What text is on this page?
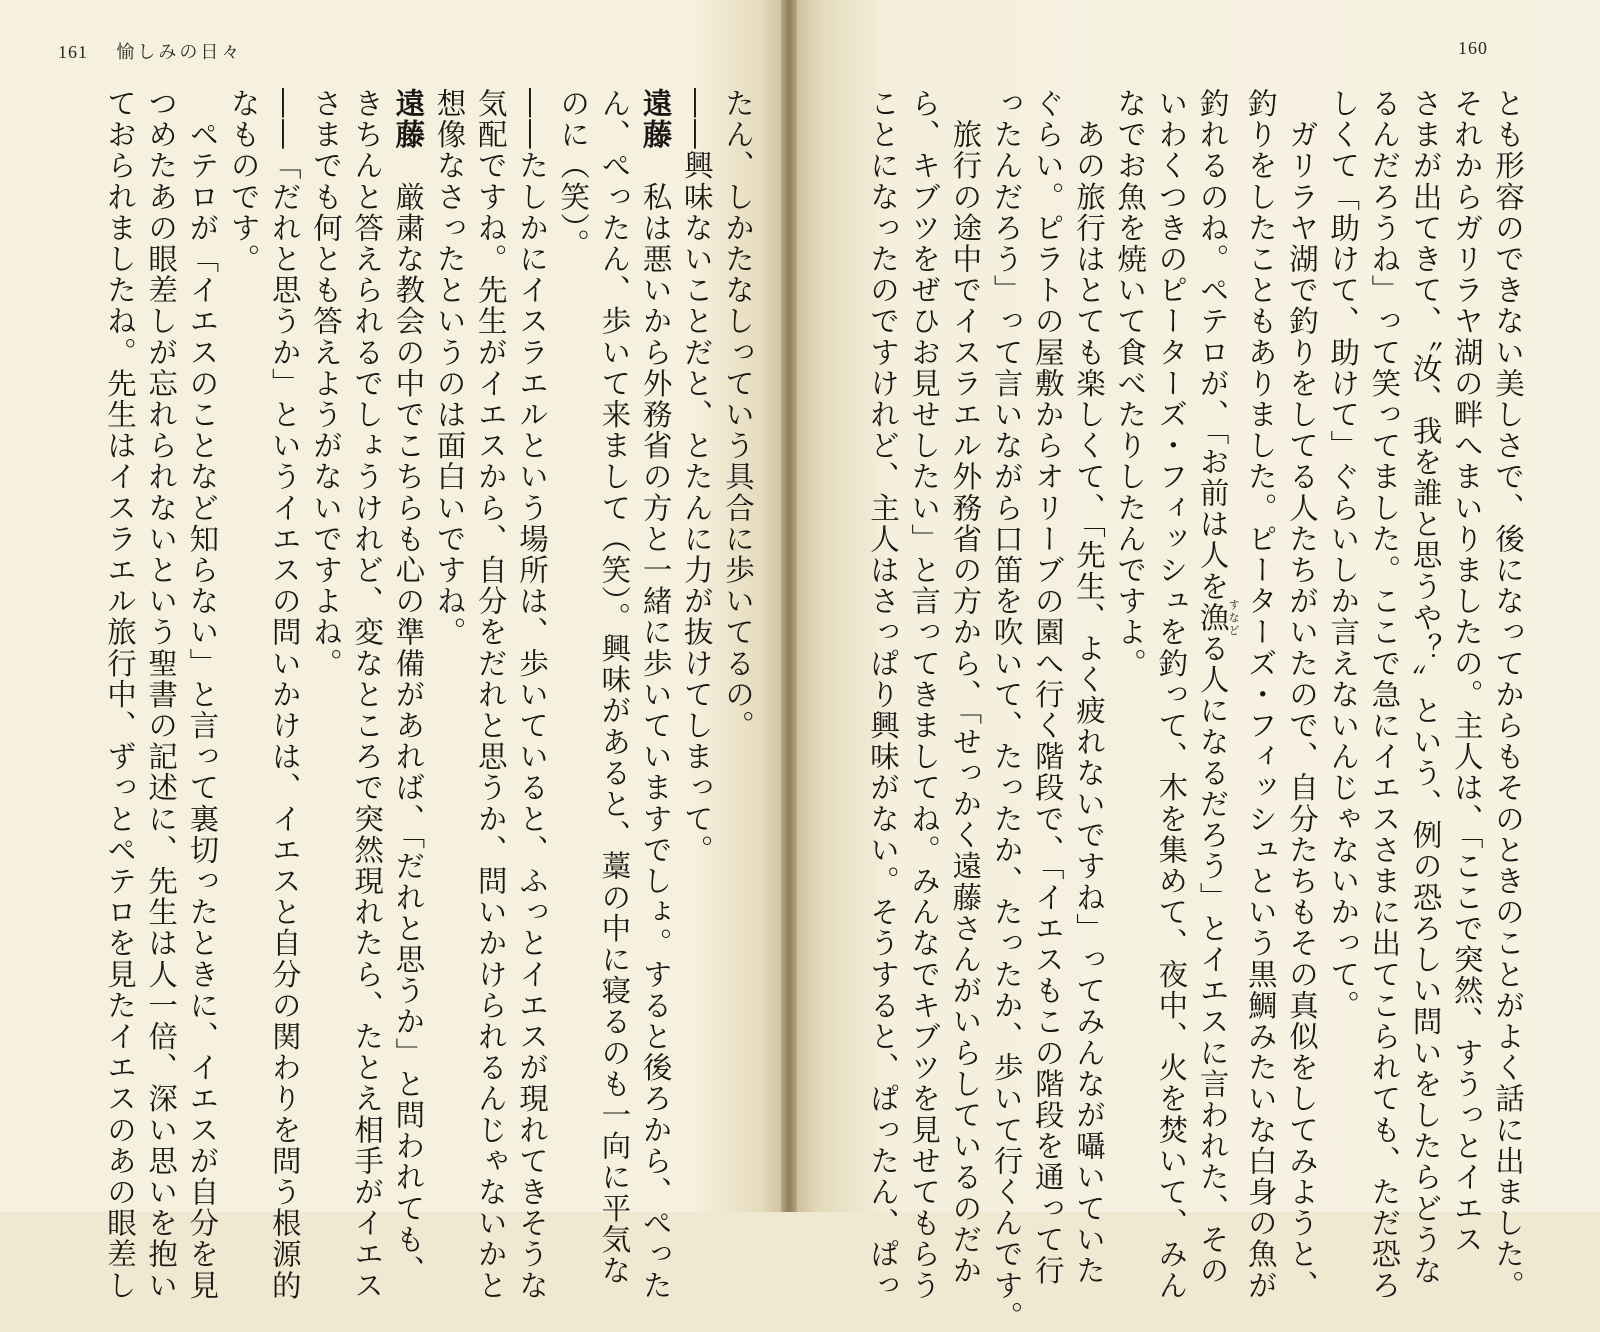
161 愉しみの日々	160
とも形容のできない美しさで、後になってからもそのときのことがよく話に出ました。
それからガリラヤ湖の畔へまいりましたの。主人は、「ここで突然、すうっとイエス
さまが出てきて、〝汝、我を誰と思うや？〟という、例の恐ろしい問いをしたらどうな
るんだろうね」って笑ってました。ここで急にイエスさまに出てこられても、ただ恐ろ
しくて「助けて、助けて」ぐらいしか言えないんじゃないかって。
　ガリラヤ湖で釣りをしてる人たちがいたので、自分たちもその真似をしてみようと、
釣りをしたこともありました。ピーターズ・フィッシュという黒鯛みたいな白身の魚が
釣れるのね。ペテロが、「お前は人を漁すなどる人になるだろう」とイエスに言われた、その
いわくつきのピーターズ・フィッシュを釣って、木を集めて、夜中、火を焚いて、みん
なでお魚を焼いて食べたりしたんですよ。
　あの旅行はとても楽しくて、「先生、よく疲れないですね」ってみんなが囁いていた
ぐらい。ピラトの屋敷からオリーブの園へ行く階段で、「イエスもこの階段を通って行
ったんだろう」って言いながら口笛を吹いて、たったか、たったか、歩いて行くんです。
　旅行の途中でイスラエル外務省の方から、「せっかく遠藤さんがいらしているのだか
ら、キブツをぜひお見せしたい」と言ってきましてね。みんなでキブツを見せてもらう
ことになったのですけれど、主人はさっぱり興味がない。そうすると、ぱったん、ぱっ
たん、しかたなしっていう具合に歩いてるの。
――興味ないことだと、とたんに力が抜けてしまって。
遠藤　私は悪いから外務省の方と一緒に歩いていますでしょ。すると後ろから、ぺった
ん、ぺったん、歩いて来まして（笑）。興味があると、藁の中に寝るのも一向に平気な
のに（笑）。
――たしかにイスラエルという場所は、歩いていると、ふっとイエスが現れてきそうな
気配ですね。先生がイエスから、自分をだれと思うか、問いかけられるんじゃないかと
想像なさったというのは面白いですね。
遠藤　厳粛な教会の中でこちらも心の準備があれば、「だれと思うか」と問われても、
きちんと答えられるでしょうけれど、変なところで突然現れたら、たとえ相手がイエス
さまでも何とも答えようがないですよね。
――「だれと思うか」というイエスの問いかけは、イエスと自分の関わりを問う根源的
なものです。
　ペテロが「イエスのことなど知らない」と言って裏切ったときに、イエスが自分を見
つめたあの眼差しが忘れられないという聖書の記述に、先生は人一倍、深い思いを抱い
ておられましたね。先生はイスラエル旅行中、ずっとペテロを見たイエスのあの眼差し
